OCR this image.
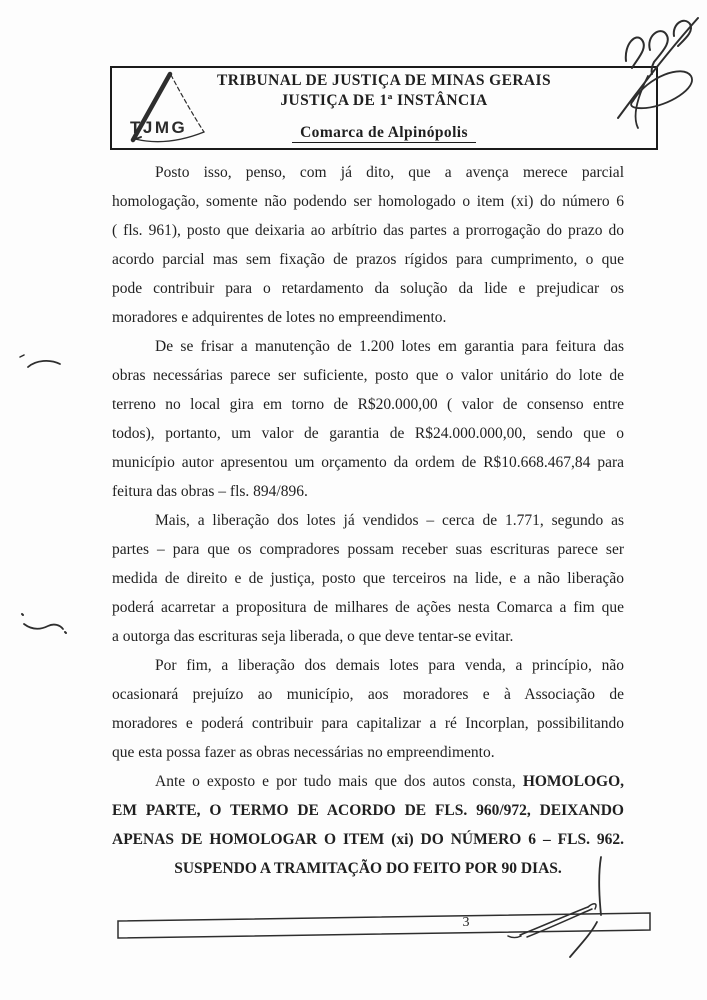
TJMG
TRIBUNAL DE JUSTIÇA DE MINAS GERAIS
JUSTIÇA DE 1ª INSTÂNCIA
Comarca de Alpinópolis
Posto isso, penso, com já dito, que a avença merece parcial
homologação, somente não podendo ser homologado o item (xi) do número 6
( fls. 961), posto que deixaria ao arbítrio das partes a prorrogação do prazo do
acordo parcial mas sem fixação de prazos rígidos para cumprimento, o que
pode contribuir para o retardamento da solução da lide e prejudicar os
moradores e adquirentes de lotes no empreendimento.
De se frisar a manutenção de 1.200 lotes em garantia para feitura das
obras necessárias parece ser suficiente, posto que o valor unitário do lote de
terreno no local gira em torno de R$20.000,00 ( valor de consenso entre
todos), portanto, um valor de garantia de R$24.000.000,00, sendo que o
município autor apresentou um orçamento da ordem de R$10.668.467,84 para
feitura das obras – fls. 894/896.
Mais, a liberação dos lotes já vendidos – cerca de 1.771, segundo as
partes – para que os compradores possam receber suas escrituras parece ser
medida de direito e de justiça, posto que terceiros na lide, e a não liberação
poderá acarretar a propositura de milhares de ações nesta Comarca a fim que
a outorga das escrituras seja liberada, o que deve tentar-se evitar.
Por fim, a liberação dos demais lotes para venda, a princípio, não
ocasionará prejuízo ao município, aos moradores e à Associação de
moradores e poderá contribuir para capitalizar a ré Incorplan, possibilitando
que esta possa fazer as obras necessárias no empreendimento.
Ante o exposto e por tudo mais que dos autos consta, HOMOLOGO,
EM PARTE, O TERMO DE ACORDO DE FLS. 960/972, DEIXANDO
APENAS DE HOMOLOGAR O ITEM (xi) DO NÚMERO 6 – FLS. 962.
SUSPENDO A TRAMITAÇÃO DO FEITO POR 90 DIAS.
3
